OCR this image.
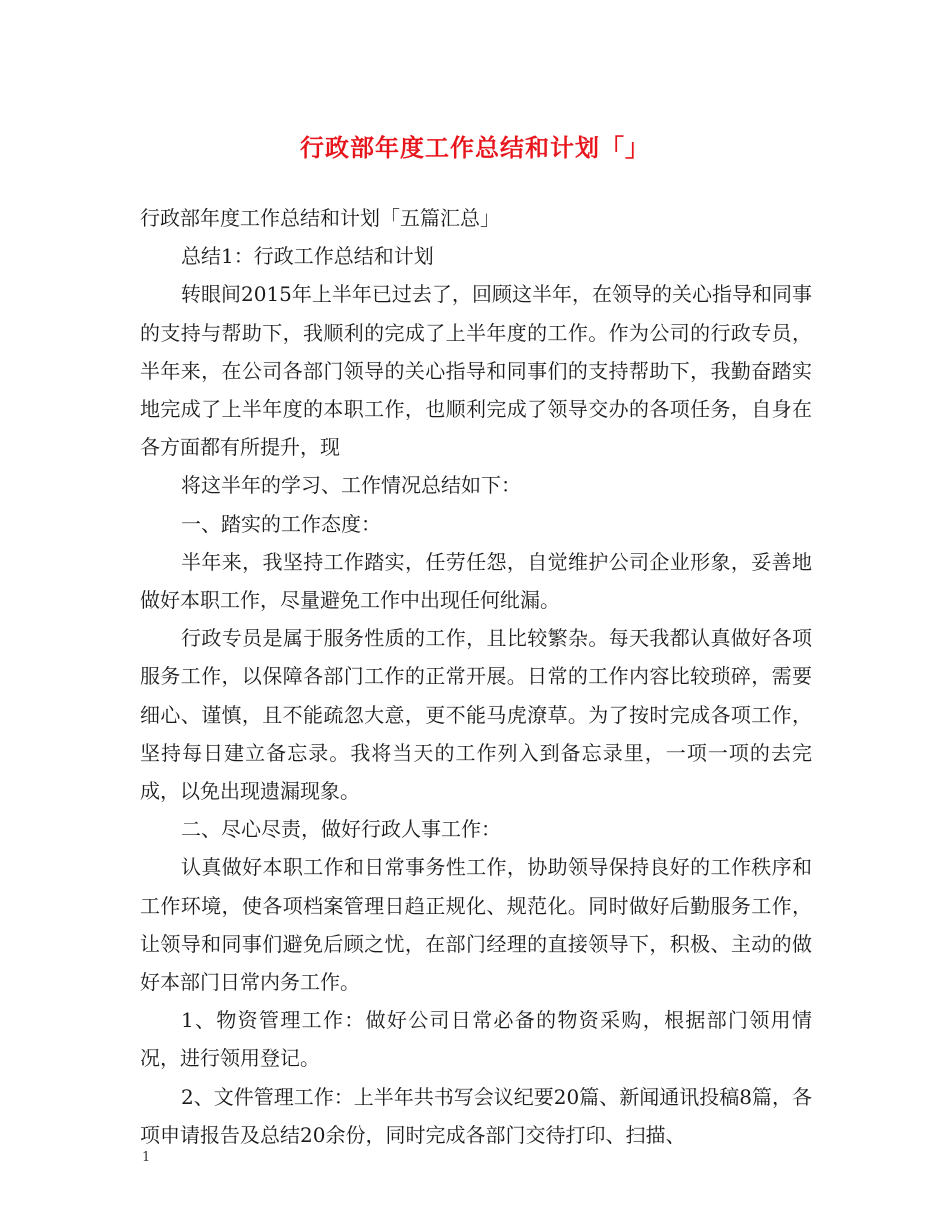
行政部年度工作总结和计划「」

行政部年度工作总结和计划「五篇汇总」

总结1：行政工作总结和计划

转眼间2015年上半年已过去了，回顾这半年，在领导的关心指导和同事的支持与帮助下，我顺利的完成了上半年度的工作。作为公司的行政专员，半年来，在公司各部门领导的关心指导和同事们的支持帮助下，我勤奋踏实地完成了上半年度的本职工作，也顺利完成了领导交办的各项任务，自身在各方面都有所提升，现

将这半年的学习、工作情况总结如下：

一、踏实的工作态度：

半年来，我坚持工作踏实，任劳任怨，自觉维护公司企业形象，妥善地做好本职工作，尽量避免工作中出现任何纰漏。

行政专员是属于服务性质的工作，且比较繁杂。每天我都认真做好各项服务工作，以保障各部门工作的正常开展。日常的工作内容比较琐碎，需要细心、谨慎，且不能疏忽大意，更不能马虎潦草。为了按时完成各项工作，坚持每日建立备忘录。我将当天的工作列入到备忘录里，一项一项的去完成，以免出现遗漏现象。

二、尽心尽责，做好行政人事工作：

认真做好本职工作和日常事务性工作，协助领导保持良好的工作秩序和工作环境，使各项档案管理日趋正规化、规范化。同时做好后勤服务工作，让领导和同事们避免后顾之忧，在部门经理的直接领导下，积极、主动的做好本部门日常内务工作。

1、物资管理工作：做好公司日常必备的物资采购，根据部门领用情况，进行领用登记。

2、文件管理工作：上半年共书写会议纪要20篇、新闻通讯投稿8篇，各项申请报告及总结20余份，同时完成各部门交待打印、扫描、

1
